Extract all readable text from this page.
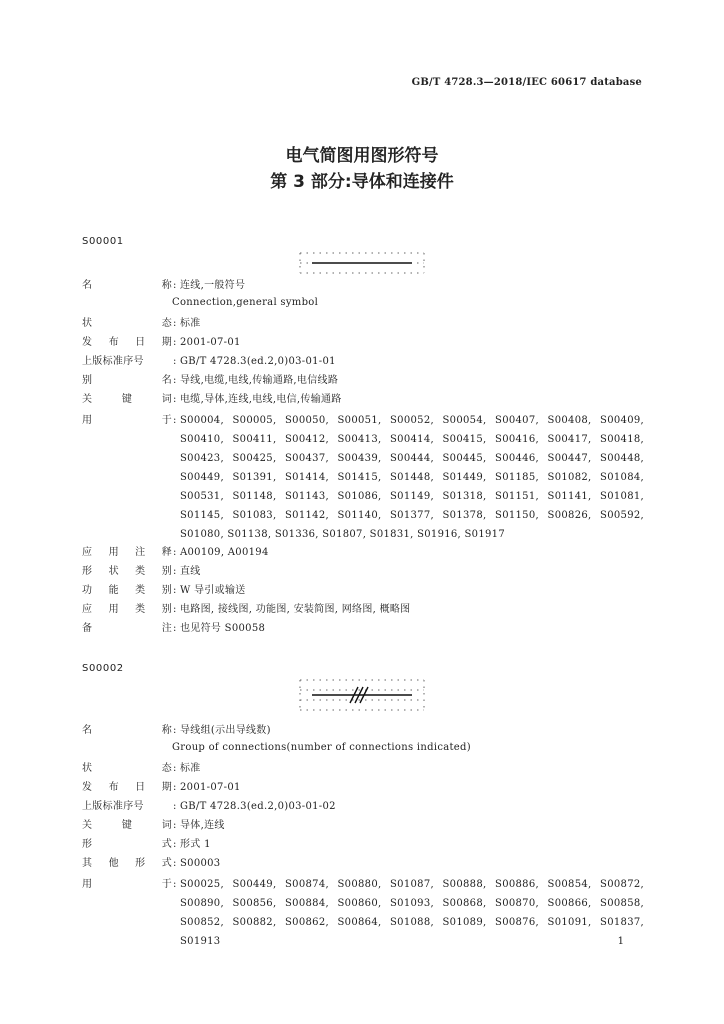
GB/T 4728.3—2018/IEC 60617 database
电气简图用图形符号
第 3 部分:导体和连接件
S00001
名	称 : 连线,一般符号
Connection,general symbol
状	态 : 标准
发 布 日 期 : 2001-07-01
上版标准序号	: GB/T 4728.3(ed.2,0)03-01-01
别	名 : 导线,电缆,电线,传输通路,电信线路
关	键	词 : 电缆,导体,连线,电线,电信,传输通路
用	于 : S00004, S00005, S00050, S00051, S00052, S00054, S00407, S00408, S00409, S00410, S00411, S00412, S00413, S00414, S00415, S00416, S00417, S00418, S00423, S00425, S00437, S00439, S00444, S00445, S00446, S00447, S00448, S00449, S01391, S01414, S01415, S01448, S01449, S01185, S01082, S01084, S00531, S01148, S01143, S01086, S01149, S01318, S01151, S01141, S01081, S01145, S01083, S01142, S01140, S01377, S01378, S01150, S00826, S00592, S01080, S01138, S01336, S01807, S01831, S01916, S01917
应 用 注 释 : A00109, A00194
形 状 类 别 : 直线
功 能 类 别 : W 导引或输送
应 用 类 别 : 电路图, 接线图, 功能图, 安装简图, 网络图, 概略图
备	注 : 也见符号 S00058
S00002
名	称 : 导线组(示出导线数)
Group of connections(number of connections indicated)
状	态 : 标准
发 布 日 期 : 2001-07-01
上版标准序号	: GB/T 4728.3(ed.2,0)03-01-02
关	键	词 : 导体,连线
形	式 : 形式 1
其 他 形 式 : S00003
用	于 : S00025, S00449, S00874, S00880, S01087, S00888, S00886, S00854, S00872, S00890, S00856, S00884, S00860, S01093, S00868, S00870, S00866, S00858, S00852, S00882, S00862, S00864, S01088, S01089, S00876, S01091, S01837, S01913	1
